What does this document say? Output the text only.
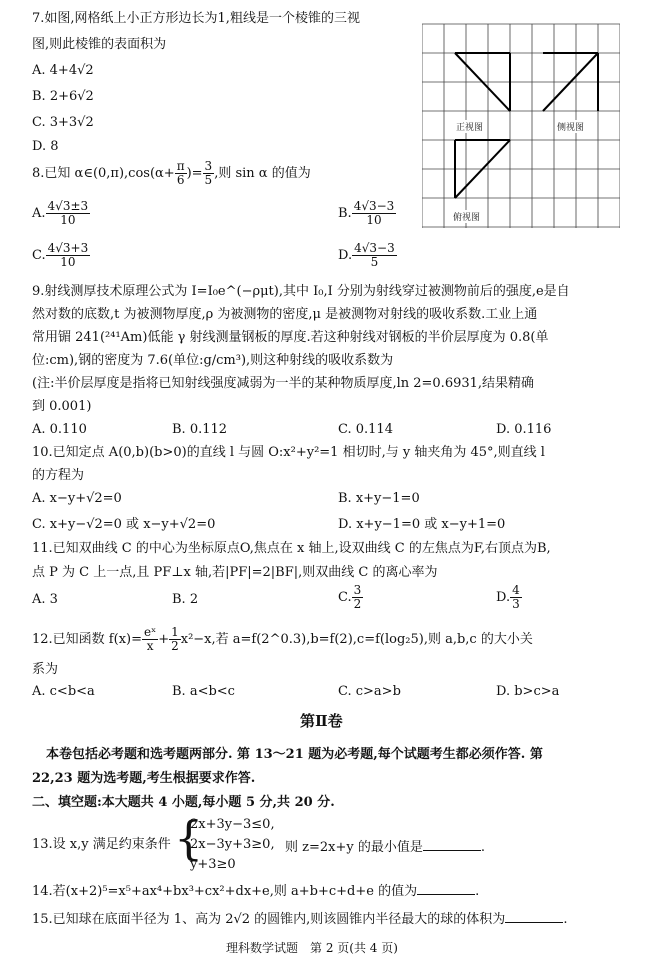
7.如图,网格纸上小正方形边长为1,粗线是一个棱锥的三视
图,则此棱锥的表面积为
A. 4+4√2
B. 2+6√2
C. 3+3√2
D. 8
正视图	侧视图
俯视图
8.已知 α∈(0,π),cos(α+ $\frac{\pi}{6}$ )= $\frac{3}{5}$ ,则 sin α 的值为
A. $\frac{4√3\pm 3}{10}$	B. $\frac{4√3-3}{10}$
C. $\frac{4√3+3}{10}$	D. $\frac{4√3-3}{5}$
9.射线测厚技术原理公式为 I=I₀e^(−ρμt),其中 I₀,I 分别为射线穿过被测物前后的强度,e是自
然对数的底数,t 为被测物厚度,ρ 为被测物的密度,μ 是被测物对射线的吸收系数.工业上通
常用镅 241(²⁴¹Am)低能 γ 射线测量钢板的厚度.若这种射线对钢板的半价层厚度为 0.8(单
位:cm),钢的密度为 7.6(单位:g/cm³),则这种射线的吸收系数为
(注:半价层厚度是指将已知射线强度减弱为一半的某种物质厚度,ln 2=0.6931,结果精确
到 0.001)
A. 0.110	B. 0.112	C. 0.114	D. 0.116
10.已知定点 A(0,b)(b>0)的直线 l 与圆 O:x²+y²=1 相切时,与 y 轴夹角为 45°,则直线 l
的方程为
A. x−y+√2=0	B. x+y−1=0
C. x+y−√2=0 或 x−y+√2=0	D. x+y−1=0 或 x−y+1=0
11.已知双曲线 C 的中心为坐标原点O,焦点在 x 轴上,设双曲线 C 的左焦点为F,右顶点为B,
点 P 为 C 上一点,且 PF⊥x 轴,若|PF|=2|BF|,则双曲线 C 的离心率为
A. 3	B. 2	C. $\frac{3}{2}$	D. $\frac{4}{3}$
12.已知函数 $f(x)= \frac{\text{eˣ}}{x} + \frac{1}{2} x^2-x$,若 a=f(2^0.3),b=f(2),c=f(log₂5),则 a,b,c 的大小关
系为
A. c<b<a	B. a<b<c	C. c>a>b	D. b>c>a
第Ⅱ卷
本卷包括必考题和选考题两部分. 第 13～21 题为必考题,每个试题考生都必须作答. 第
22,23 题为选考题,考生根据要求作答.
二、填空题:本大题共 4 小题,每小题 5 分,共 20 分.
13.设 x,y 满足约束条件 {
2x+3y−3≤0,
2x−3y+3≥0,
y+3≥0
则 z=2x+y 的最小值是	.
14.若(x+2)⁵=x⁵+ax⁴+bx³+cx²+dx+e,则 a+b+c+d+e 的值为	.
15.已知球在底面半径为 1、高为 2√2 的圆锥内,则该圆锥内半径最大的球的体积为	.
理科数学试题　第 2 页(共 4 页)
